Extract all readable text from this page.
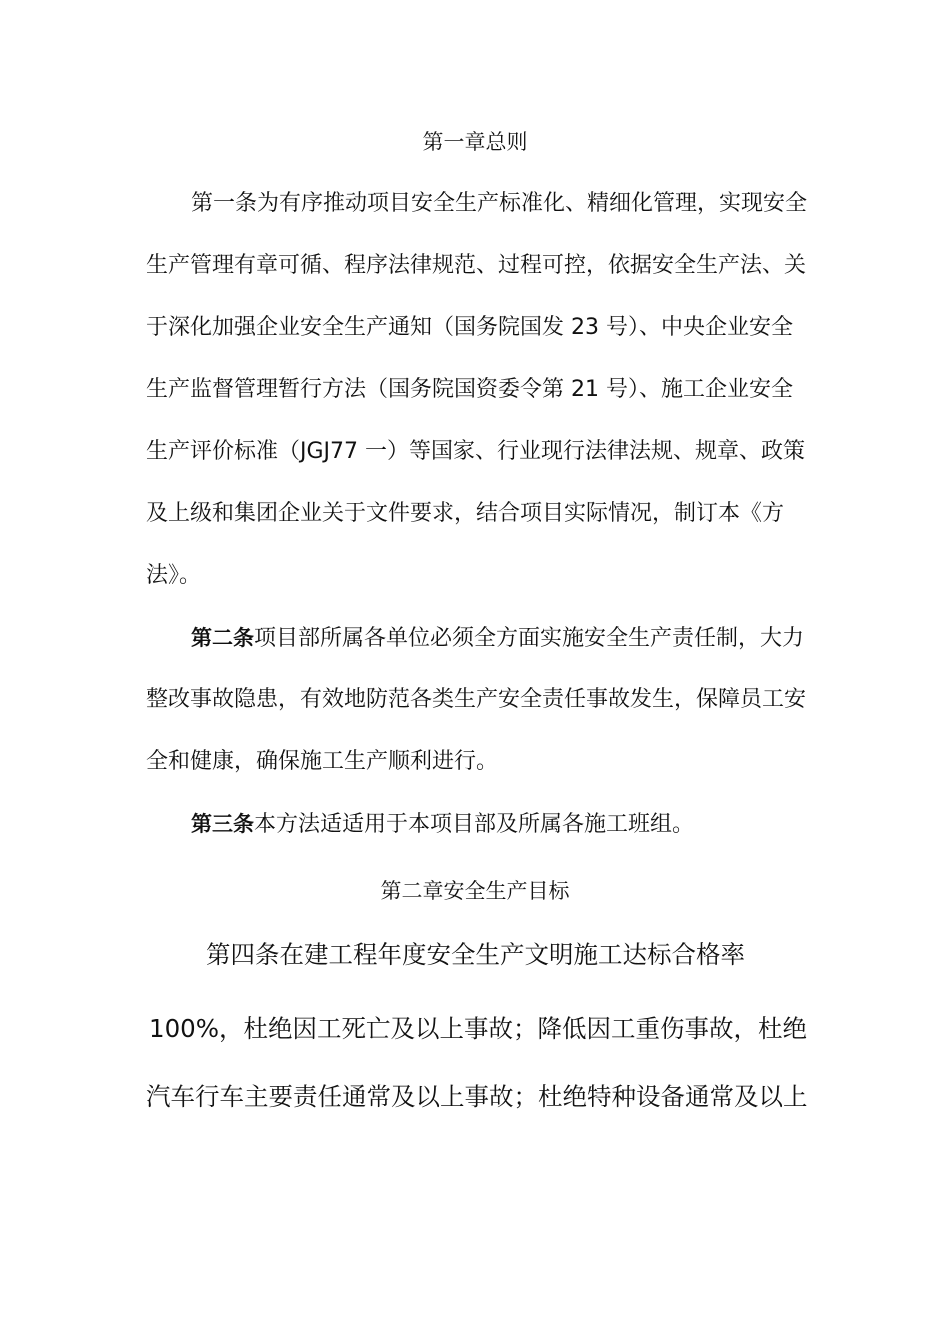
第一章总则
第一条为有序推动项目安全生产标准化、精细化管理，实现安全
生产管理有章可循、程序法律规范、过程可控，依据安全生产法、关
于深化加强企业安全生产通知（国务院国发 23 号）、中央企业安全
生产监督管理暂行方法（国务院国资委令第 21 号）、施工企业安全
生产评价标准（JGJ77 一）等国家、行业现行法律法规、规章、政策
及上级和集团企业关于文件要求，结合项目实际情况，制订本《方
法》。
第二条项目部所属各单位必须全方面实施安全生产责任制，大力
整改事故隐患，有效地防范各类生产安全责任事故发生，保障员工安
全和健康，确保施工生产顺利进行。
第三条本方法适适用于本项目部及所属各施工班组。
第二章安全生产目标
第四条在建工程年度安全生产文明施工达标合格率
100%，杜绝因工死亡及以上事故；降低因工重伤事故，杜绝
汽车行车主要责任通常及以上事故；杜绝特种设备通常及以上
